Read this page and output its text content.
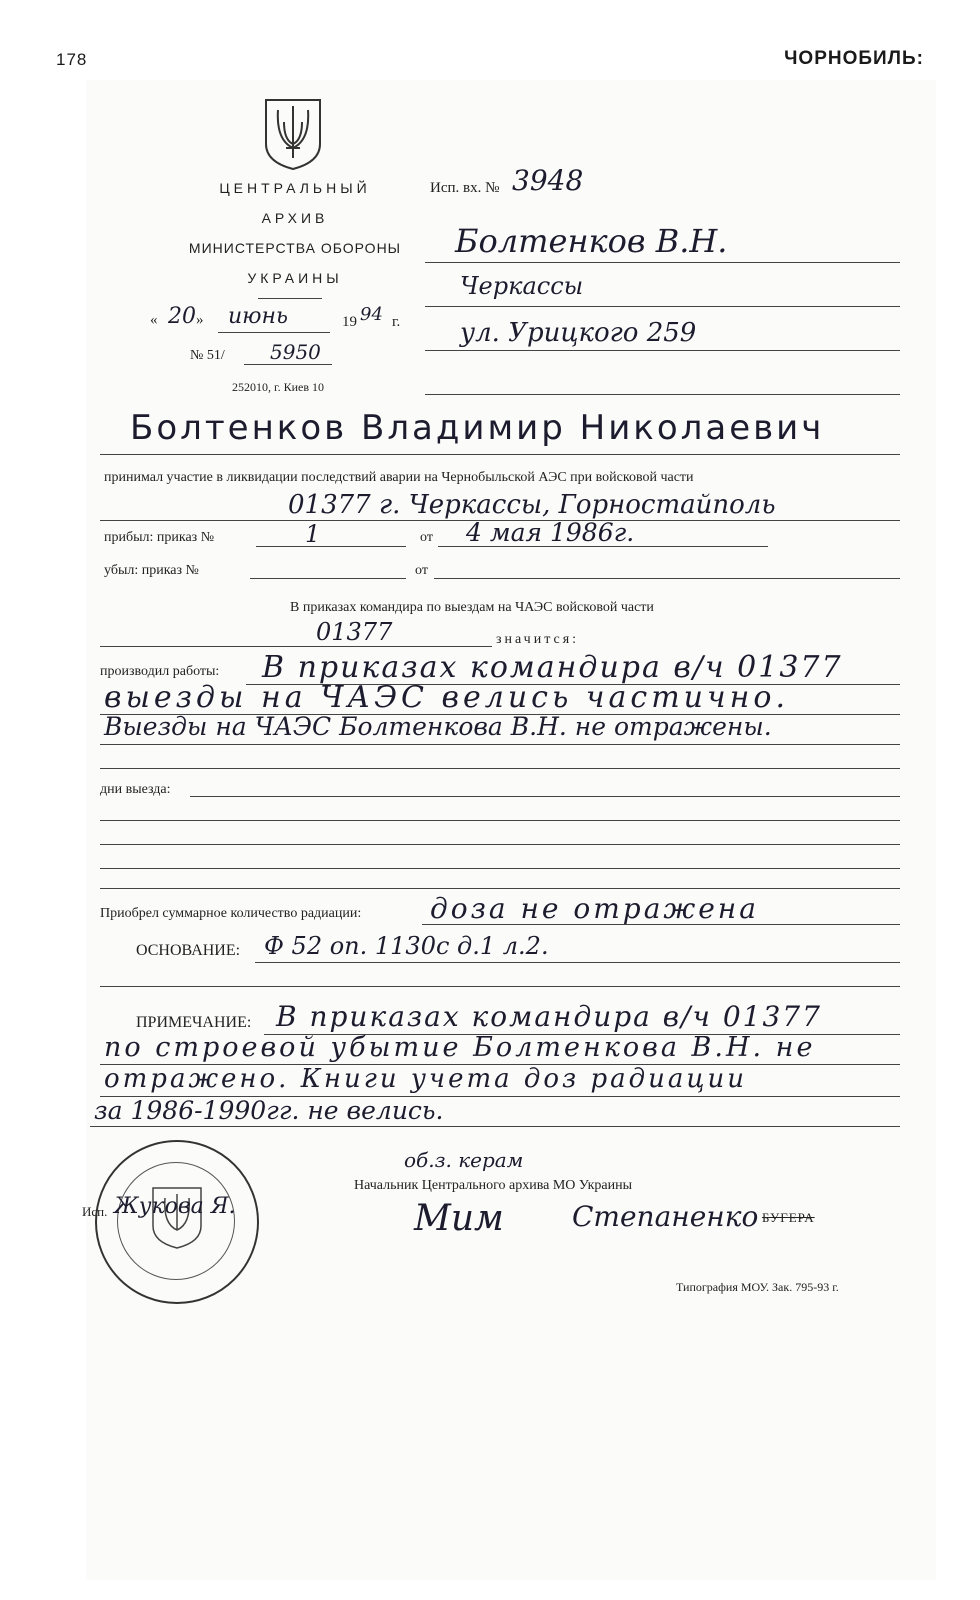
178	ЧОРНОБИЛЬ:
ЦЕНТРАЛЬНЫЙ
АРХИВ
МИНИСТЕРСТВА ОБОРОНЫ
УКРАИНЫ
« 20 » июнь	19 94 г.
№ 51/ 5950
252010, г. Киев 10
Исп. вх. № 3948
Болтенков В.Н.
Черкассы
ул. Урицкого 259
Болтенков Владимир Николаевич
принимал участие в ликвидации последствий аварии на Чернобыльской АЭС при войсковой части
01377 г. Черкассы, Горностайполь
прибыл: приказ №	1	от 4 мая 1986г.
убыл: приказ №	от
В приказах командира по выездам на ЧАЭС войсковой части
01377	значится:
производил работы: В приказах командира в/ч 01377
выезды на ЧАЭС велись частично.
Выезды на ЧАЭС Болтенкова В.Н. не отражены.
дни выезда:
Приобрел суммарное количество радиации: доза не отражена
ОСНОВАНИЕ: Ф 52 оп. 1130с д.1 л.2.
ПРИМЕЧАНИЕ: В приказах командира в/ч 01377
по строевой убытие Болтенкова В.Н. не
отражено. Книги учета доз радиации
за 1986-1990гг. не велись.
Исп. Жукова Я.
об.з. керам
Начальник Центрального архива МО Украины
Мим Степаненко БУГЕРА
Типография МОУ. Зак. 795-93 г.
